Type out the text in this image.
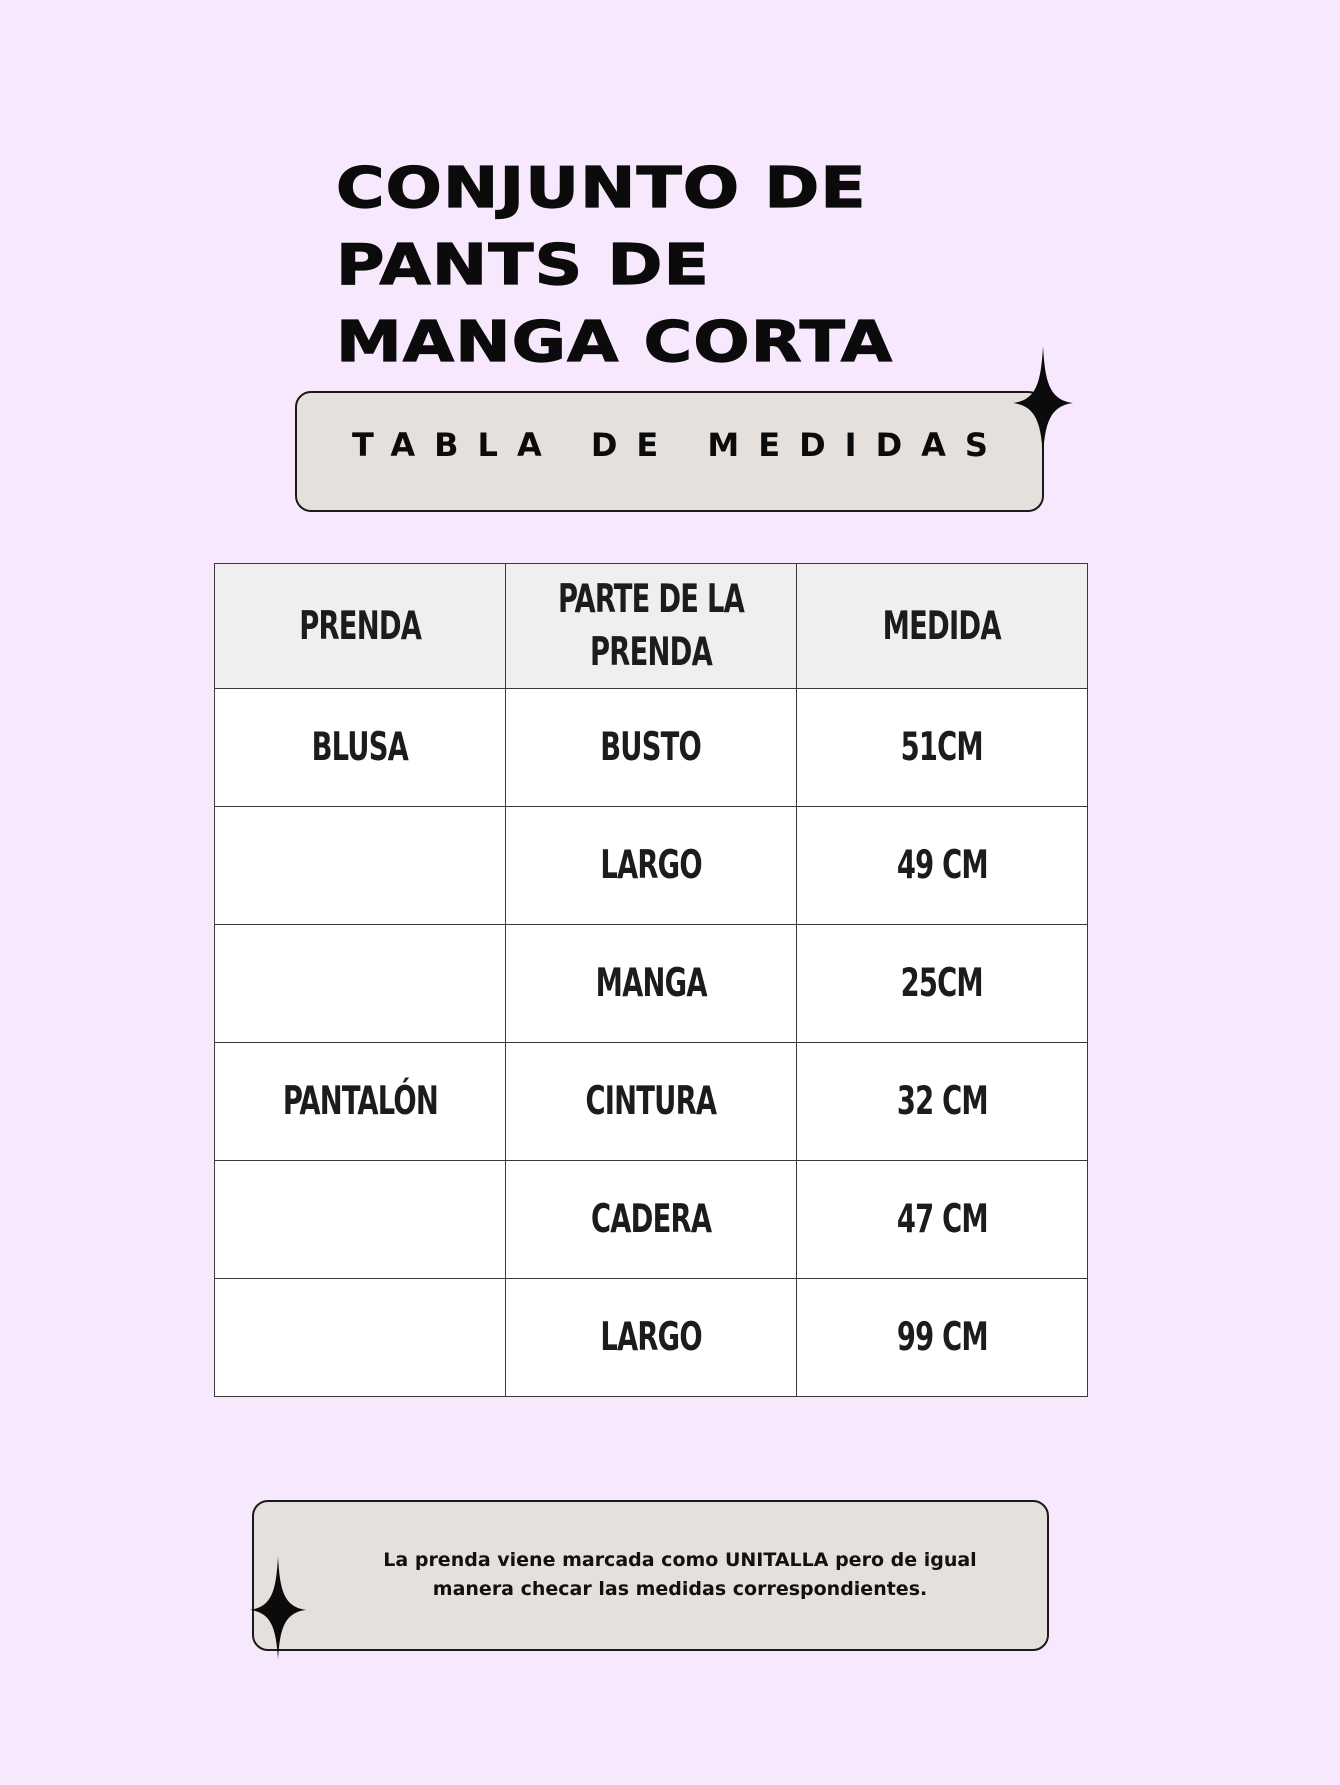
CONJUNTO DE
PANTS DE
MANGA CORTA
TABLA DE MEDIDAS
PRENDA	PARTE DE LA PRENDA	MEDIDA
BLUSA	BUSTO	51CM
	LARGO	49 CM
	MANGA	25CM
PANTALÓN	CINTURA	32 CM
	CADERA	47 CM
	LARGO	99 CM
La prenda viene marcada como UNITALLA pero de igual manera checar las medidas correspondientes.
